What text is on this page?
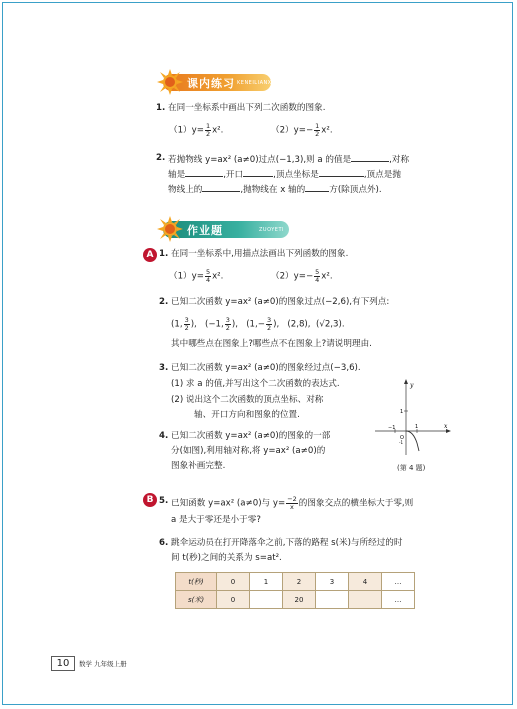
课内练习 KENEILIANXI
1. 在同一坐标系中画出下列二次函数的图象.
$(1)y= \frac{1}{2} x^2$.	$(2)y=- \frac{1}{2} x^2$.
2. 若抛物线 y=ax² (a≠0)过点(−1,3),则 a 的值是	,对称
轴是	,开口	,顶点坐标是	,顶点是抛
物线上的	,抛物线在 x 轴的	方(除顶点外).
作业题	ZUOYETI
A 1. 在同一坐标系中,用描点法画出下列函数的图象.
$(1)y= \frac{5}{4} x^2$.	$(2)y=- \frac{5}{4} x^2$.
2. 已知二次函数 y=ax² (a≠0)的图象过点(−2,6),有下列点:
(1, $\frac{3}{2}$ ), (−1, $\frac{3}{2}$ ), ($1,- \frac{3}{2}$ ), (2,8), (√2,3).
其中哪些点在图象上?哪些点不在图象上?请说明理由.
3. 已知二次函数 y=ax² (a≠0)的图象经过点(−3,6).
(1) 求 a 的值,并写出这个二次函数的表达式.
(2) 说出这个二次函数的顶点坐标、对称
轴、开口方向和图象的位置.
4. 已知二次函数 y=ax² (a≠0)的图象的一部
分(如图),利用轴对称,将 y=ax² (a≠0)的
图象补画完整.
y
x
O
1
−1	1
-1
(第 4 题)
B 5. 已知函数 y=ax² (a≠0)与 $y= \frac{-2}{x}$ 的图象交点的横坐标大于零,则
a 是大于零还是小于零?
6. 跳伞运动员在打开降落伞之前,下落的路程 s(米)与所经过的时
间 t(秒)之间的关系为 s=at².
t(秒)	0	1	2	3	4	…
s(米)	0		20			…
10	数学 九年级上册
